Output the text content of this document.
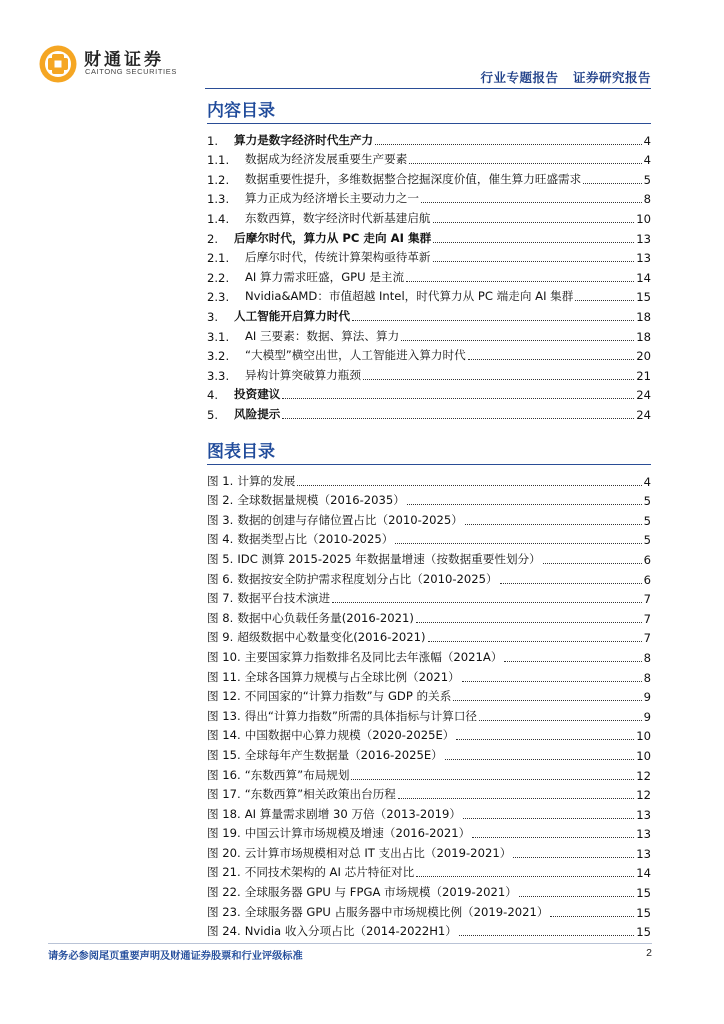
财通证券
CAITONG SECURITIES	行业专题报告   证券研究报告
内容目录
1.	算力是数字经济时代生产力	4
1.1.	数据成为经济发展重要生产要素	4
1.2.	数据重要性提升，多维数据整合挖掘深度价值，催生算力旺盛需求	5
1.3.	算力正成为经济增长主要动力之一	8
1.4.	东数西算，数字经济时代新基建启航	10
2.	后摩尔时代，算力从 PC 走向 AI 集群	13
2.1.	后摩尔时代，传统计算架构亟待革新	13
2.2.	AI 算力需求旺盛，GPU 是主流	14
2.3.	Nvidia&AMD：市值超越 Intel，时代算力从 PC 端走向 AI 集群	15
3.	人工智能开启算力时代	18
3.1.	AI 三要素：数据、算法、算力	18
3.2.	“大模型”横空出世，人工智能进入算力时代	20
3.3.	异构计算突破算力瓶颈	21
4.	投资建议	24
5.	风险提示	24
图表目录
图 1. 计算的发展	4
图 2. 全球数据量规模（2016-2035）	5
图 3. 数据的创建与存储位置占比（2010-2025）	5
图 4. 数据类型占比（2010-2025）	5
图 5. IDC 测算 2015-2025 年数据量增速（按数据重要性划分）	6
图 6. 数据按安全防护需求程度划分占比（2010-2025）	6
图 7. 数据平台技术演进	7
图 8. 数据中心负载任务量(2016-2021)	7
图 9. 超级数据中心数量变化(2016-2021)	7
图 10. 主要国家算力指数排名及同比去年涨幅（2021A）	8
图 11. 全球各国算力规模与占全球比例（2021）	8
图 12. 不同国家的“计算力指数”与 GDP 的关系	9
图 13. 得出“计算力指数”所需的具体指标与计算口径	9
图 14. 中国数据中心算力规模（2020-2025E）	10
图 15. 全球每年产生数据量（2016-2025E）	10
图 16. “东数西算”布局规划	12
图 17. “东数西算”相关政策出台历程	12
图 18. AI 算量需求剧增 30 万倍（2013-2019）	13
图 19. 中国云计算市场规模及增速（2016-2021）	13
图 20. 云计算市场规模相对总 IT 支出占比（2019-2021）	13
图 21. 不同技术架构的 AI 芯片特征对比	14
图 22. 全球服务器 GPU 与 FPGA 市场规模（2019-2021）	15
图 23. 全球服务器 GPU 占服务器中市场规模比例（2019-2021）	15
图 24. Nvidia 收入分项占比（2014-2022H1）	15
请务必参阅尾页重要声明及财通证券股票和行业评级标准	2
